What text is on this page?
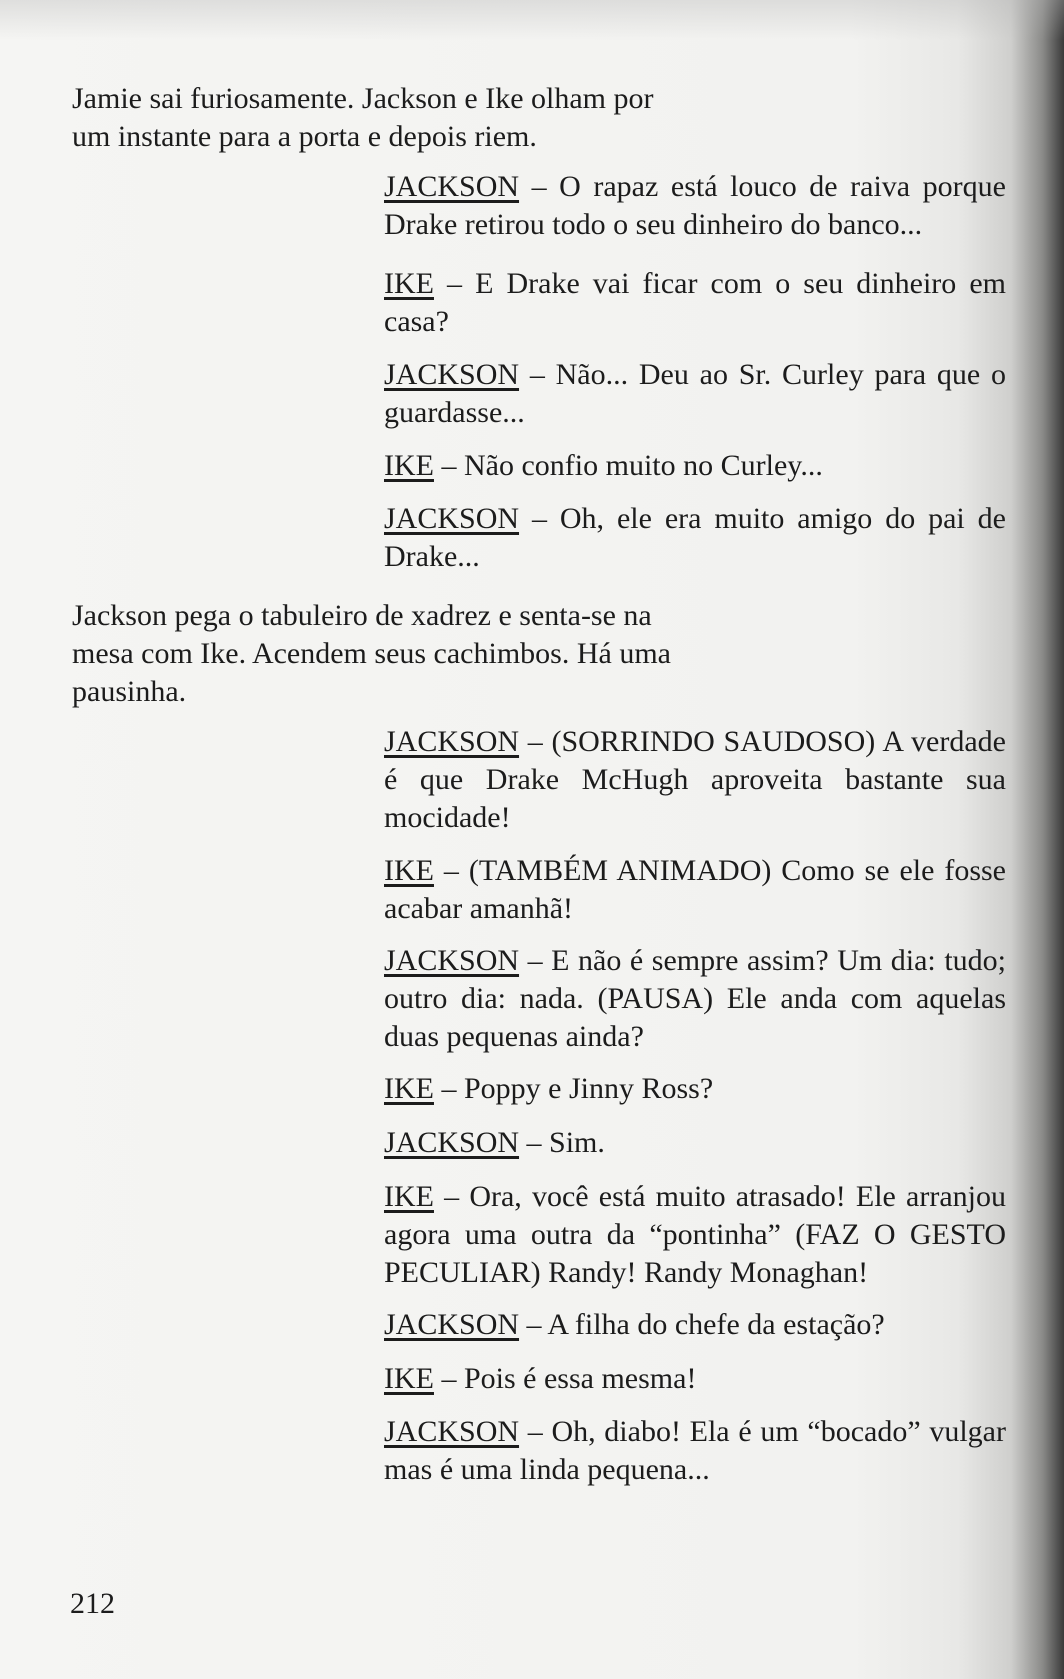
Jamie sai furiosamente. Jackson e Ike olham por um instante para a porta e depois riem.

JACKSON – O rapaz está louco de raiva porque Drake retirou todo o seu dinheiro do banco...

IKE – E Drake vai ficar com o seu dinheiro em casa?

JACKSON – Não... Deu ao Sr. Curley para que o guardasse...

IKE – Não confio muito no Curley...

JACKSON – Oh, ele era muito amigo do pai de Drake...

Jackson pega o tabuleiro de xadrez e senta-se na mesa com Ike. Acendem seus cachimbos. Há uma pausinha.

JACKSON – (SORRINDO SAUDOSO) A verdade é que Drake McHugh aproveita bastante sua mocidade!

IKE – (TAMBÉM ANIMADO) Como se ele fosse acabar amanhã!

JACKSON – E não é sempre assim? Um dia: tudo; outro dia: nada. (PAUSA) Ele anda com aquelas duas pequenas ainda?

IKE – Poppy e Jinny Ross?

JACKSON – Sim.

IKE – Ora, você está muito atrasado! Ele arranjou agora uma outra da “pontinha” (FAZ O GESTO PECULIAR) Randy! Randy Monaghan!

JACKSON – A filha do chefe da estação?

IKE – Pois é essa mesma!

JACKSON – Oh, diabo! Ela é um “bocado” vulgar mas é uma linda pequena...

212
